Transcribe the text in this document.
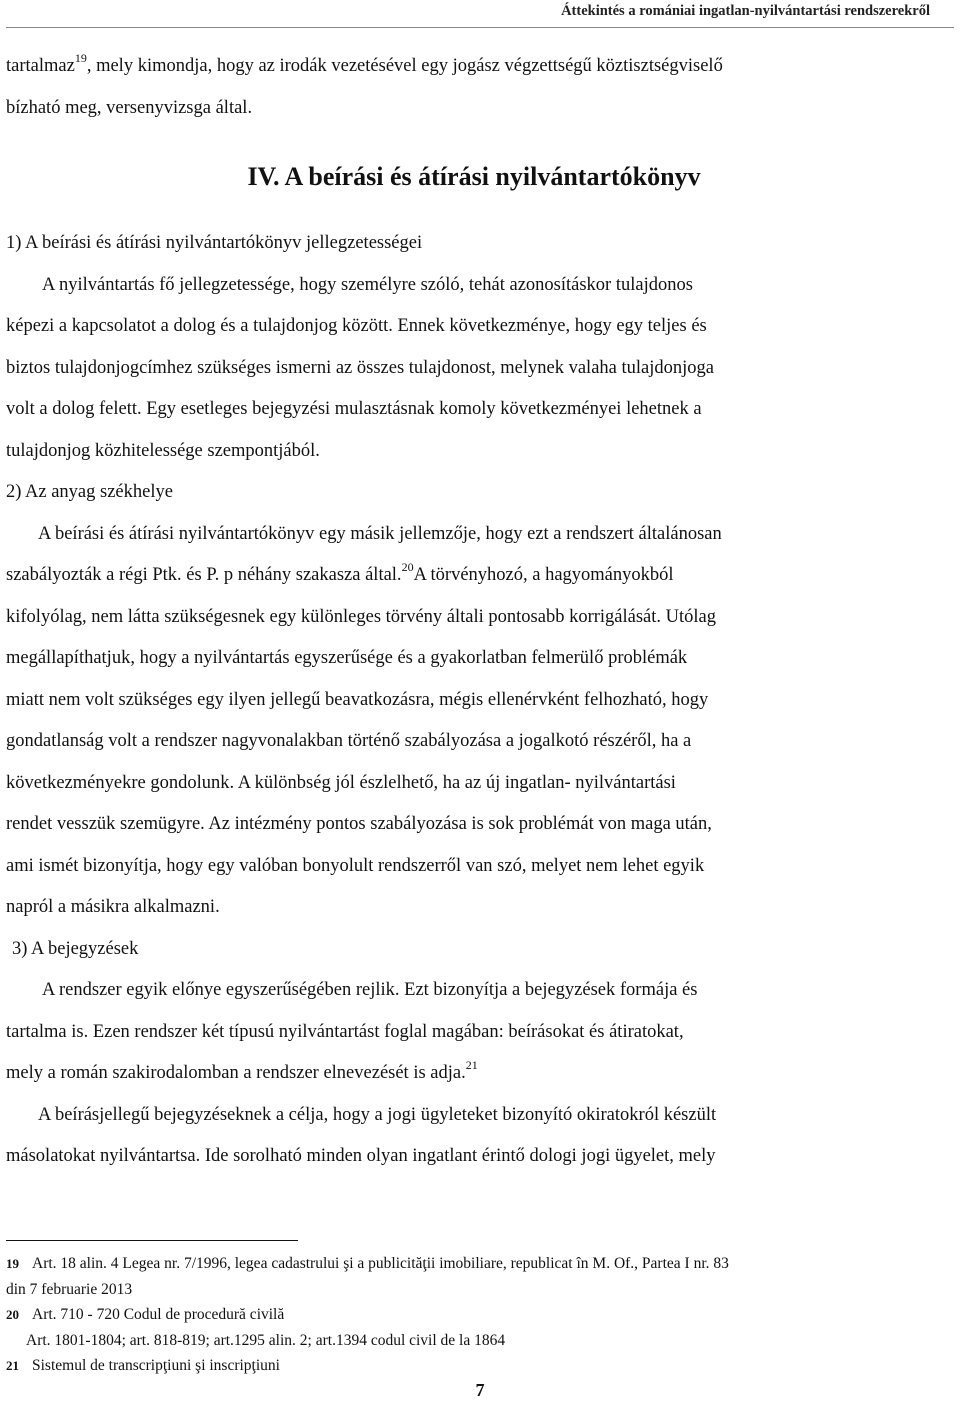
Áttekintés a romániai ingatlan-nyilvántartási rendszerekről

tartalmaz$^{19}$, mely kimondja, hogy az irodák vezetésével egy jogász végzettségű köztisztségviselő

bízható meg, versenyvizsga által.

IV. A beírási és átírási nyilvántartókönyv

1) A beírási és átírási nyilvántartókönyv jellegzetességei

A nyilvántartás fő jellegzetessége, hogy személyre szóló, tehát azonosításkor tulajdonos

képezi a kapcsolatot a dolog és a tulajdonjog között. Ennek következménye, hogy egy teljes és

biztos tulajdonjogcímhez szükséges ismerni az összes tulajdonost, melynek valaha tulajdonjoga

volt a dolog felett. Egy esetleges bejegyzési mulasztásnak komoly következményei lehetnek a

tulajdonjog közhitelessége szempontjából.

2) Az anyag székhelye

A beírási és átírási nyilvántartókönyv egy másik jellemzője, hogy ezt a rendszert általánosan

szabályozták a régi Ptk. és P. p néhány szakasza által.$^{20}$A törvényhozó, a hagyományokból

kifolyólag, nem látta szükségesnek egy különleges törvény általi pontosabb korrigálását. Utólag

megállapíthatjuk, hogy a nyilvántartás egyszerűsége és a gyakorlatban felmerülő problémák

miatt nem volt szükséges egy ilyen jellegű beavatkozásra, mégis ellenérvként felhozható, hogy

gondatlanság volt a rendszer nagyvonalakban történő szabályozása a jogalkotó részéről, ha a

következményekre gondolunk. A különbség jól észlelhető, ha az új ingatlan- nyilvántartási

rendet vesszük szemügyre. Az intézmény pontos szabályozása is sok problémát von maga után,

ami ismét bizonyítja, hogy egy valóban bonyolult rendszerről van szó, melyet nem lehet egyik

napról a másikra alkalmazni.

3) A bejegyzések

A rendszer egyik előnye egyszerűségében rejlik. Ezt bizonyítja a bejegyzések formája és

tartalma is. Ezen rendszer két típusú nyilvántartást foglal magában: beírásokat és átiratokat,

mely a román szakirodalomban a rendszer elnevezését is adja.$^{21}$

A beírásjellegű bejegyzéseknek a célja, hogy a jogi ügyleteket bizonyító okiratokról készült

másolatokat nyilvántartsa. Ide sorolható minden olyan ingatlant érintő dologi jogi ügyelet, mely

19 Art. 18 alin. 4 Legea nr. 7/1996, legea cadastrului şi a publicităţii imobiliare, republicat în M. Of., Partea I nr. 83

din 7 februarie 2013

20 Art. 710 - 720 Codul de procedură civilă

Art. 1801-1804; art. 818-819; art.1295 alin. 2; art.1394 codul civil de la 1864

21 Sistemul de transcripţiuni şi inscripţiuni

7
